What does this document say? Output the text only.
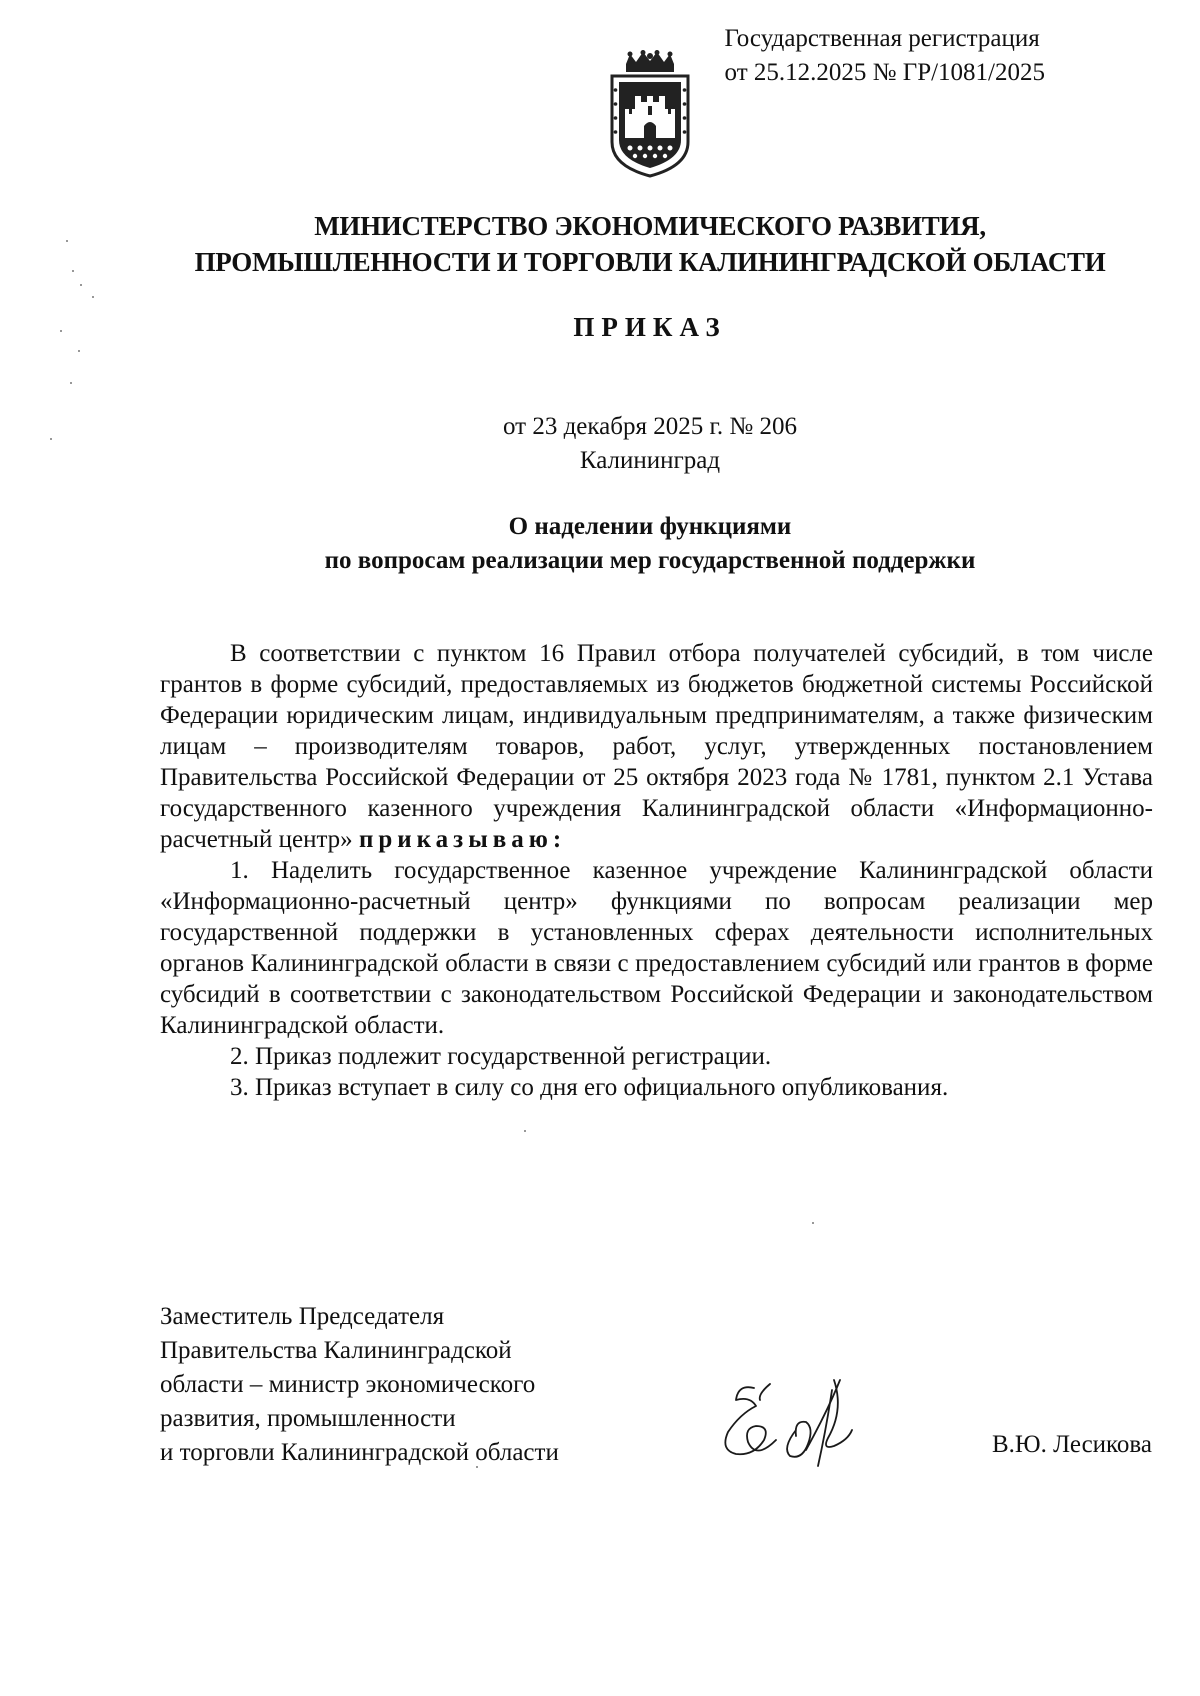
Государственная регистрация
от 25.12.2025 № ГР/1081/2025
МИНИСТЕРСТВО ЭКОНОМИЧЕСКОГО РАЗВИТИЯ,
ПРОМЫШЛЕННОСТИ И ТОРГОВЛИ КАЛИНИНГРАДСКОЙ ОБЛАСТИ
ПРИКАЗ
от 23 декабря 2025 г. № 206
Калининград
О наделении функциями
по вопросам реализации мер государственной поддержки

В соответствии с пунктом 16 Правил отбора получателей субсидий, в том числе грантов в форме субсидий, предоставляемых из бюджетов бюджетной системы Российской Федерации юридическим лицам, индивидуальным предпринимателям, а также физическим лицам – производителям товаров, работ, услуг, утвержденных постановлением Правительства Российской Федерации от 25 октября 2023 года № 1781, пунктом 2.1 Устава государственного казенного учреждения Калининградской области «Информационно-расчетный центр» приказываю:

1. Наделить государственное казенное учреждение Калининградской области «Информационно-расчетный центр» функциями по вопросам реализации мер государственной поддержки в установленных сферах деятельности исполнительных органов Калининградской области в связи с предоставлением субсидий или грантов в форме субсидий в соответствии с законодательством Российской Федерации и законодательством Калининградской области.

2. Приказ подлежит государственной регистрации.

3. Приказ вступает в силу со дня его официального опубликования.

Заместитель Председателя
Правительства Калининградской
области – министр экономического
развития, промышленности
и торговли Калининградской области	В.Ю. Лесикова
